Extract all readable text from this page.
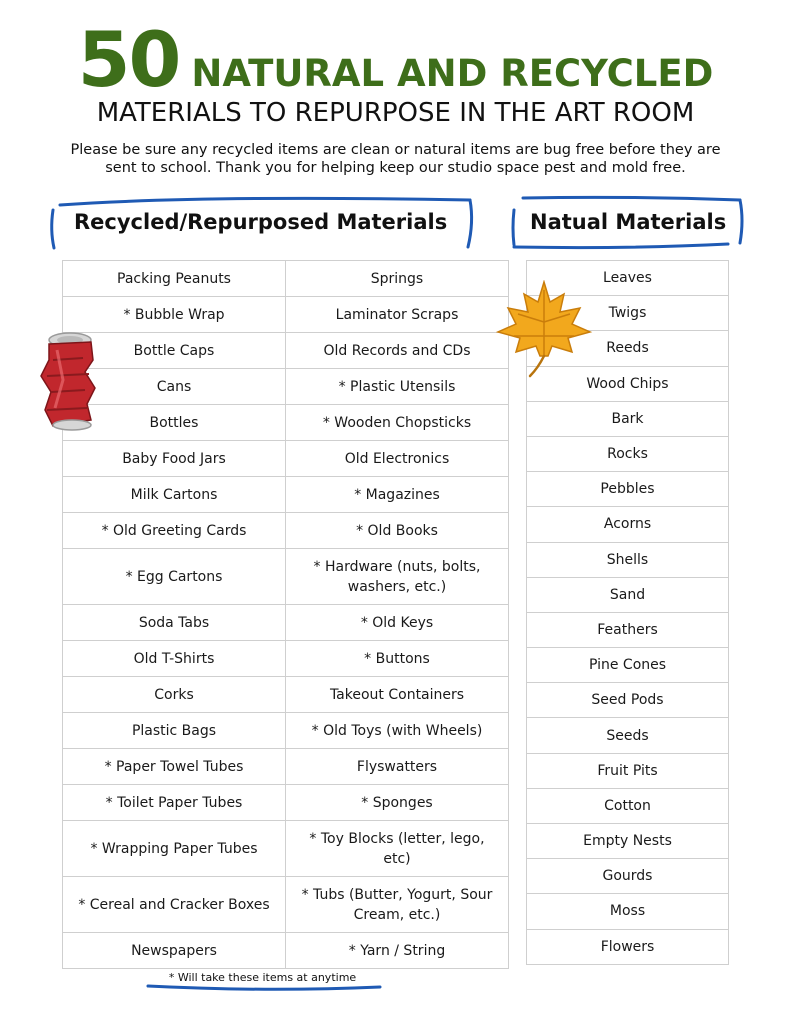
50 NATURAL AND RECYCLED
MATERIALS TO REPURPOSE IN THE ART ROOM
Please be sure any recycled items are clean or natural items are bug free before they are
sent to school. Thank you for helping keep our studio space pest and mold free.
Recycled/Repurposed Materials	Natual Materials
Packing Peanuts	Springs
* Bubble Wrap	Laminator Scraps
Bottle Caps	Old Records and CDs
Cans	* Plastic Utensils
Bottles	* Wooden Chopsticks
Baby Food Jars	Old Electronics
Milk Cartons	* Magazines
* Old Greeting Cards	* Old Books
* Egg Cartons	* Hardware (nuts, bolts, washers, etc.)
Soda Tabs	* Old Keys
Old T-Shirts	* Buttons
Corks	Takeout Containers
Plastic Bags	* Old Toys (with Wheels)
* Paper Towel Tubes	Flyswatters
* Toilet Paper Tubes	* Sponges
* Wrapping Paper Tubes	* Toy Blocks (letter, lego, etc)
* Cereal and Cracker Boxes	* Tubs (Butter, Yogurt, Sour Cream, etc.)
Newspapers	* Yarn / String
Leaves
Twigs
Reeds
Wood Chips
Bark
Rocks
Pebbles
Acorns
Shells
Sand
Feathers
Pine Cones
Seed Pods
Seeds
Fruit Pits
Cotton
Empty Nests
Gourds
Moss
Flowers
* Will take these items at anytime
